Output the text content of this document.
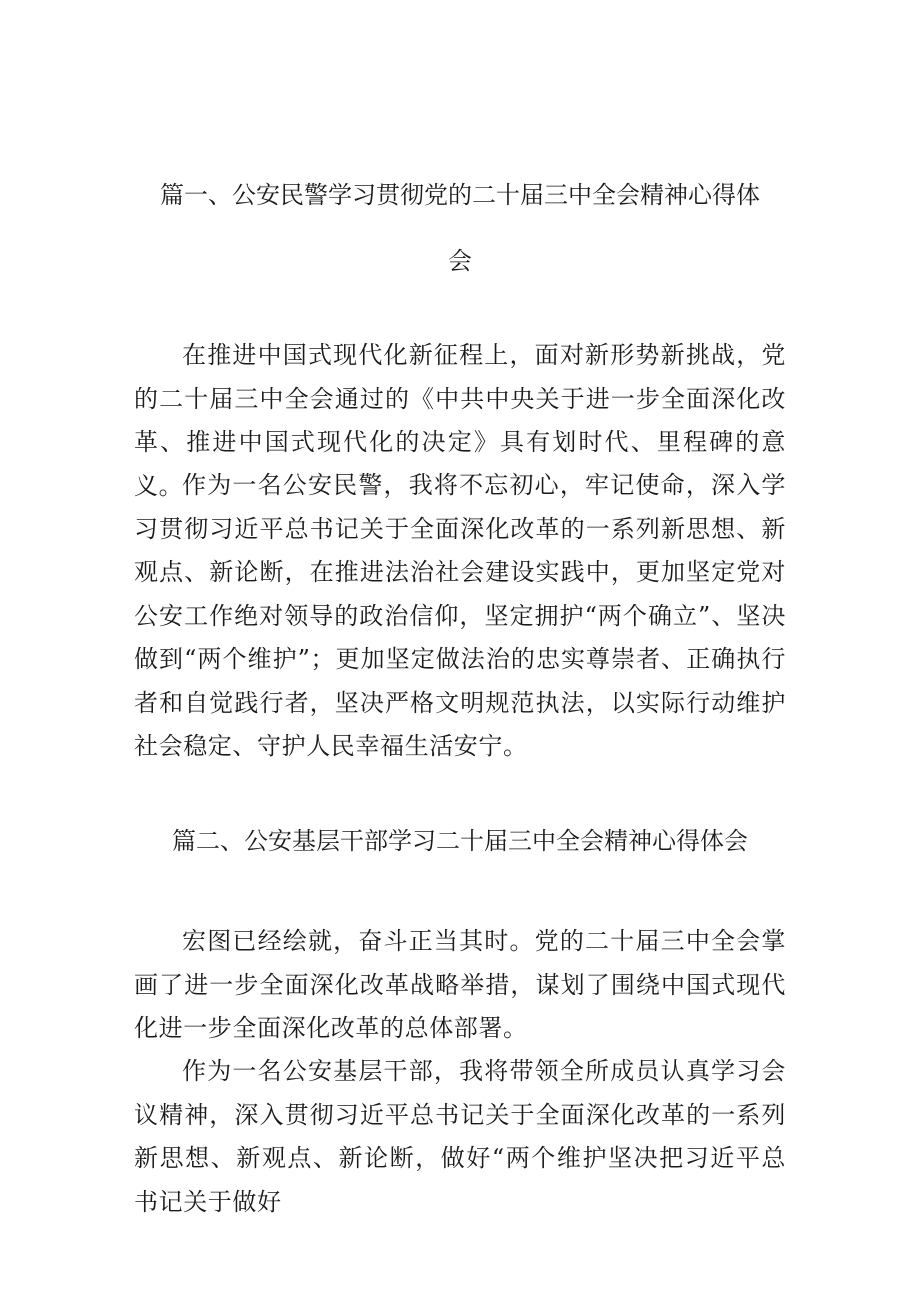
篇一、公安民警学习贯彻党的二十届三中全会精神心得体
会

在推进中国式现代化新征程上，面对新形势新挑战，党的二十届三中全会通过的《中共中央关于进一步全面深化改革、推进中国式现代化的决定》具有划时代、里程碑的意义。

作为一名公安民警，我将不忘初心，牢记使命，深入学习贯彻习近平总书记关于全面深化改革的一系列新思想、新观点、新论断，在推进法治社会建设实践中，更加坚定党对公安工作绝对领导的政治信仰，坚定拥护“两个确立”、坚决做到“两个维护”；更加坚定做法治的忠实尊崇者、正确执行者和自觉践行者，坚决严格文明规范执法，以实际行动维护社会稳定、守护人民幸福生活安宁。

篇二、公安基层干部学习二十届三中全会精神心得体会

宏图已经绘就，奋斗正当其时。党的二十届三中全会掌画了进一步全面深化改革战略举措，谋划了围绕中国式现代化进一步全面深化改革的总体部署。

作为一名公安基层干部，我将带领全所成员认真学习会议精神，深入贯彻习近平总书记关于全面深化改革的一系列新思想、新观点、新论断，做好“两个维护坚决把习近平总书记关于做好
